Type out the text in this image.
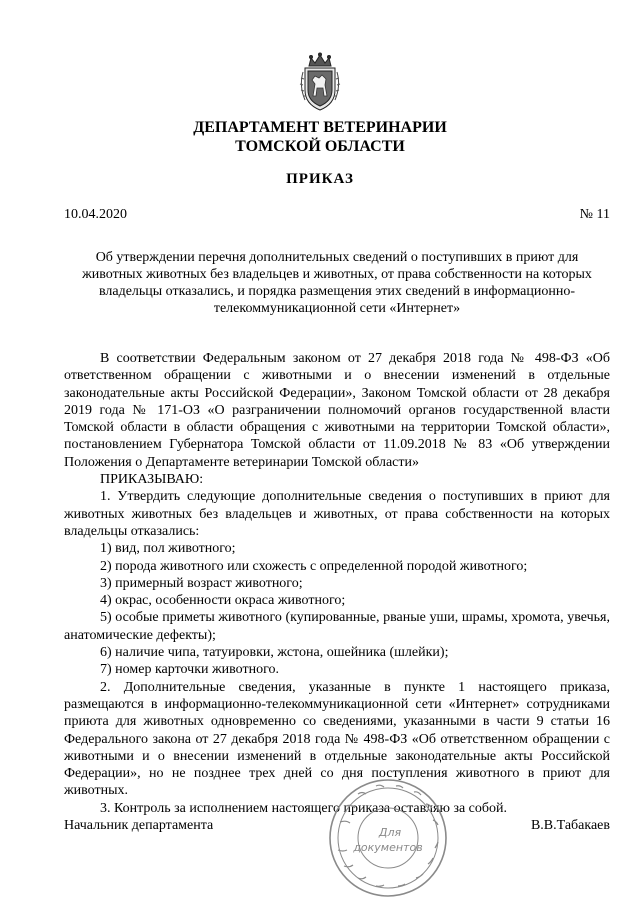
ДЕПАРТАМЕНТ ВЕТЕРИНАРИИ
ТОМСКОЙ ОБЛАСТИ
ПРИКАЗ
10.04.2020	№ 11
Об утверждении перечня дополнительных сведений о поступивших в приют для животных животных без владельцев и животных, от права собственности на которых владельцы отказались, и порядка размещения этих сведений в информационно-телекоммуникационной сети «Интернет»

В соответствии Федеральным законом от 27 декабря 2018 года № 498-ФЗ «Об ответственном обращении с животными и о внесении изменений в отдельные законодательные акты Российской Федерации», Законом Томской области от 28 декабря 2019 года № 171-ОЗ «О разграничении полномочий органов государственной власти Томской области в области обращения с животными на территории Томской области», постановлением Губернатора Томской области от 11.09.2018 № 83 «Об утверждении Положения о Департаменте ветеринарии Томской области»

ПРИКАЗЫВАЮ:

1. Утвердить следующие дополнительные сведения о поступивших в приют для животных животных без владельцев и животных, от права собственности на которых владельцы отказались:

1) вид, пол животного;

2) порода животного или схожесть с определенной породой животного;

3) примерный возраст животного;

4) окрас, особенности окраса животного;

5) особые приметы животного (купированные, рваные уши, шрамы, хромота, увечья, анатомические дефекты);

6) наличие чипа, татуировки, жстона, ошейника (шлейки);

7) номер карточки животного.

2. Дополнительные сведения, указанные в пункте 1 настоящего приказа, размещаются в информационно-телекоммуникационной сети «Интернет» сотрудниками приюта для животных одновременно со сведениями, указанными в части 9 статьи 16 Федерального закона от 27 декабря 2018 года № 498-ФЗ «Об ответственном обращении с животными и о внесении изменений в отдельные законодательные акты Российской Федерации», но не позднее трех дней со дня поступления животного в приют для животных.

3. Контроль за исполнением настоящего приказа оставляю за собой.

Начальник департамента	В.В.Табакаев
Для
документов
